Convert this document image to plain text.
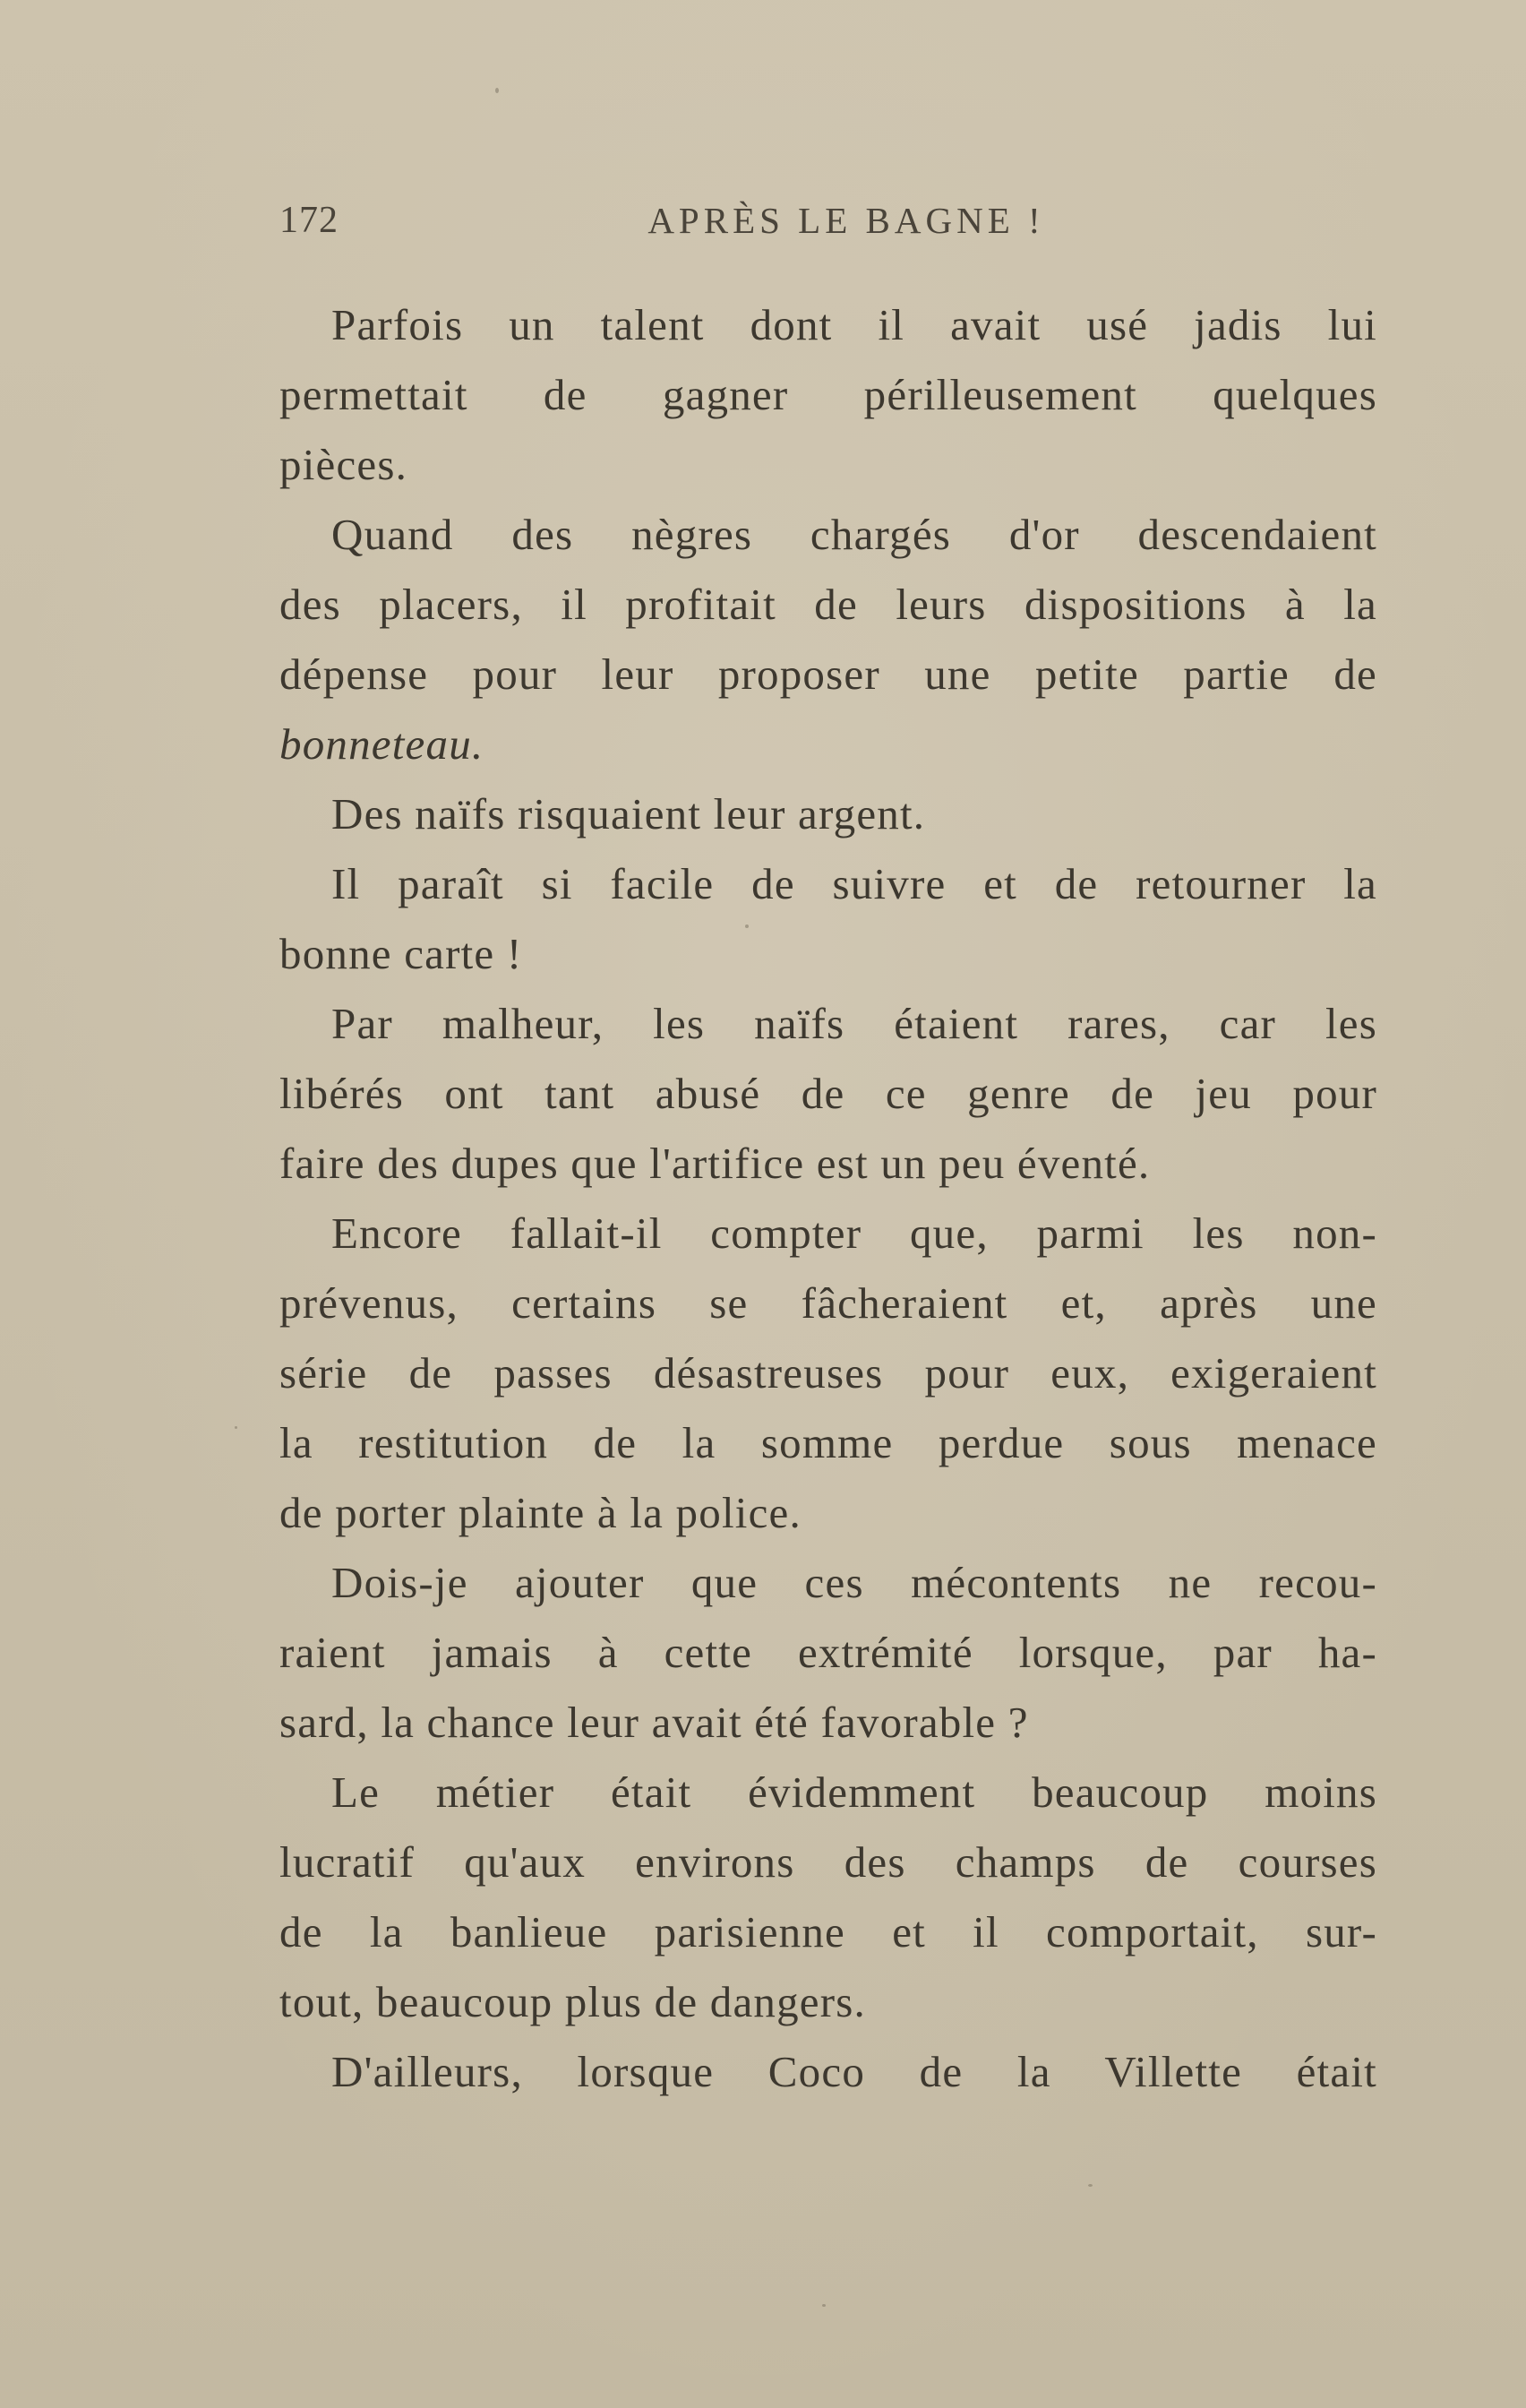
172	APRÈS LE BAGNE !
Parfois un talent dont il avait usé jadis lui
permettait de gagner périlleusement quelques
pièces.
Quand des nègres chargés d'or descendaient
des placers, il profitait de leurs dispositions à la
dépense pour leur proposer une petite partie de
bonneteau.
Des naïfs risquaient leur argent.
Il paraît si facile de suivre et de retourner la
bonne carte !
Par malheur, les naïfs étaient rares, car les
libérés ont tant abusé de ce genre de jeu pour
faire des dupes que l'artifice est un peu éventé.
Encore fallait-il compter que, parmi les non-
prévenus, certains se fâcheraient et, après une
série de passes désastreuses pour eux, exigeraient
la restitution de la somme perdue sous menace
de porter plainte à la police.
Dois-je ajouter que ces mécontents ne recou-
raient jamais à cette extrémité lorsque, par ha-
sard, la chance leur avait été favorable ?
Le métier était évidemment beaucoup moins
lucratif qu'aux environs des champs de courses
de la banlieue parisienne et il comportait, sur-
tout, beaucoup plus de dangers.
D'ailleurs, lorsque Coco de la Villette était
